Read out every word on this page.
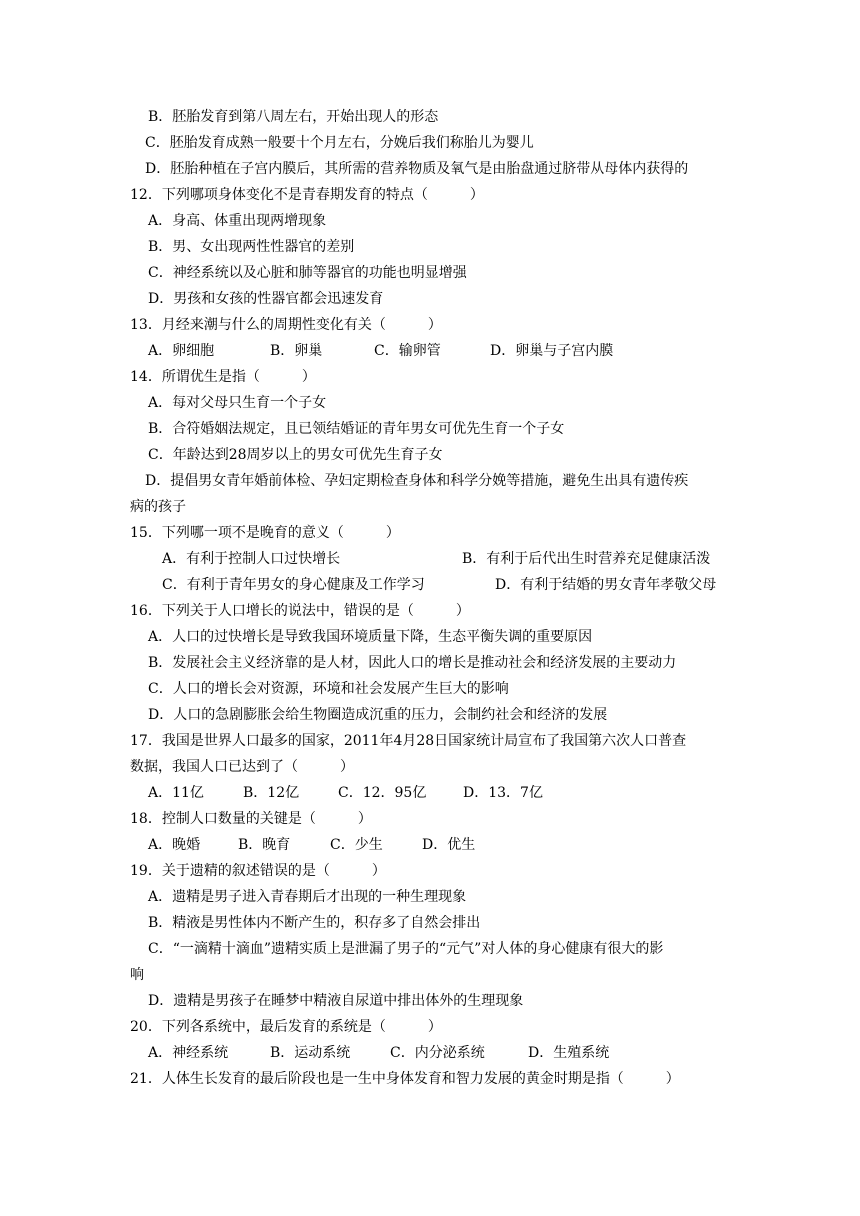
B．胚胎发育到第八周左右，开始出现人的形态
C．胚胎发育成熟一般要十个月左右，分娩后我们称胎儿为婴儿
D．胚胎种植在子宫内膜后，其所需的营养物质及氧气是由胎盘通过脐带从母体内获得的
12．下列哪项身体变化不是青春期发育的特点（　　　）
A．身高、体重出现两增现象
B．男、女出现两性性器官的差别
C．神经系统以及心脏和肺等器官的功能也明显增强
D．男孩和女孩的性器官都会迅速发育
13．月经来潮与什么的周期性变化有关（　　　）
A．卵细胞	B．卵巢	C．输卵管	D．卵巢与子宫内膜
14．所谓优生是指（　　　）
A．每对父母只生育一个子女
B．合符婚姻法规定，且已领结婚证的青年男女可优先生育一个子女
C．年龄达到28周岁以上的男女可优先生育子女
D．提倡男女青年婚前体检、孕妇定期检查身体和科学分娩等措施，避免生出具有遗传疾
病的孩子
15．下列哪一项不是晚育的意义（　　　）
A．有利于控制人口过快增长	B．有利于后代出生时营养充足健康活泼
C．有利于青年男女的身心健康及工作学习	D．有利于结婚的男女青年孝敬父母
16．下列关于人口增长的说法中，错误的是（　　　）
A．人口的过快增长是导致我国环境质量下降，生态平衡失调的重要原因
B．发展社会主义经济靠的是人材，因此人口的增长是推动社会和经济发展的主要动力
C．人口的增长会对资源，环境和社会发展产生巨大的影响
D．人口的急剧膨胀会给生物圈造成沉重的压力，会制约社会和经济的发展
17．我国是世界人口最多的国家，2011年4月28日国家统计局宣布了我国第六次人口普查
数据，我国人口已达到了（　　　）
A．11亿	B．12亿	C．12．95亿	D．13．7亿
18．控制人口数量的关键是（　　　）
A．晚婚	B．晚育	C．少生	D．优生
19．关于遗精的叙述错误的是（　　　）
A．遗精是男子进入青春期后才出现的一种生理现象
B．精液是男性体内不断产生的，积存多了自然会排出
C．“一滴精十滴血”遗精实质上是泄漏了男子的“元气”对人体的身心健康有很大的影
响
D．遗精是男孩子在睡梦中精液自尿道中排出体外的生理现象
20．下列各系统中，最后发育的系统是（　　　）
A．神经系统	B．运动系统	C．内分泌系统	D．生殖系统
21．人体生长发育的最后阶段也是一生中身体发育和智力发展的黄金时期是指（　　　）
